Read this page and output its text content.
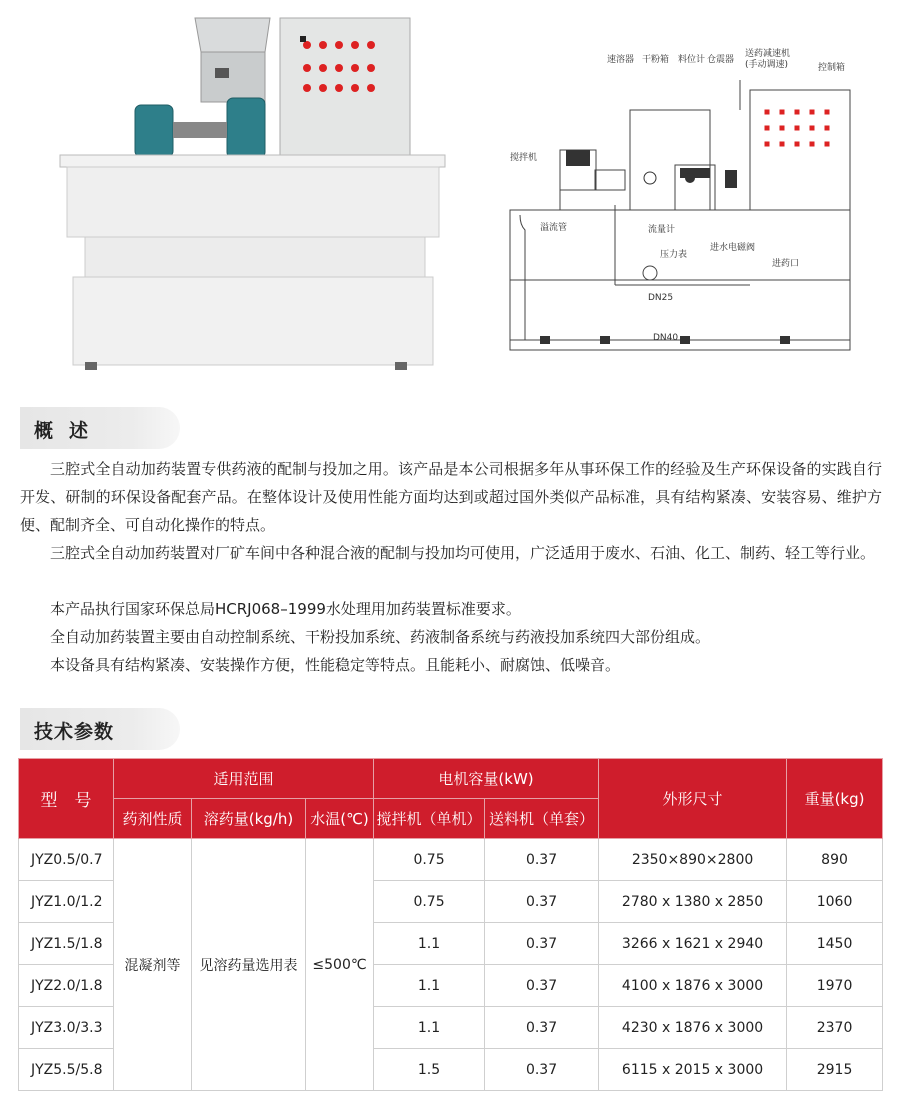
速溶器 干粉箱 料位计 仓震器
送药减速机
(手动调速)	控制箱
搅拌机
溢流管	流量计
压力表
进水电磁阀
进药口
DN25
DN40
概述

三腔式全自动加药装置专供药液的配制与投加之用。该产品是本公司根据多年从事环保工作的经验及生产环保设备的实践自行开发、研制的环保设备配套产品。在整体设计及使用性能方面均达到或超过国外类似产品标准，具有结构紧凑、安装容易、维护方便、配制齐全、可自动化操作的特点。

三腔式全自动加药装置对厂矿车间中各种混合液的配制与投加均可使用，广泛适用于废水、石油、化工、制药、轻工等行业。

本产品执行国家环保总局HCRJ068–1999水处理用加药装置标准要求。

全自动加药装置主要由自动控制系统、干粉投加系统、药液制备系统与药液投加系统四大部份组成。

本设备具有结构紧凑、安装操作方便，性能稳定等特点。且能耗小、耐腐蚀、低噪音。

技术参数
型　号	适用范围			电机容量(kW)		外形尺寸	重量(kg)
	药剂性质	溶药量(kg/h)	水温(℃)	搅拌机（单机）	送料机（单套）		
JYZ0.5/0.7	混凝剂等	见溶药量选用表	≤500℃	0.75	0.37	2350×890×2800	890
JYZ1.0/1.2				0.75	0.37	2780 x 1380 x 2850	1060
JYZ1.5/1.8				1.1	0.37	3266 x 1621 x 2940	1450
JYZ2.0/1.8				1.1	0.37	4100 x 1876 x 3000	1970
JYZ3.0/3.3				1.1	0.37	4230 x 1876 x 3000	2370
JYZ5.5/5.8				1.5	0.37	6115 x 2015 x 3000	2915
